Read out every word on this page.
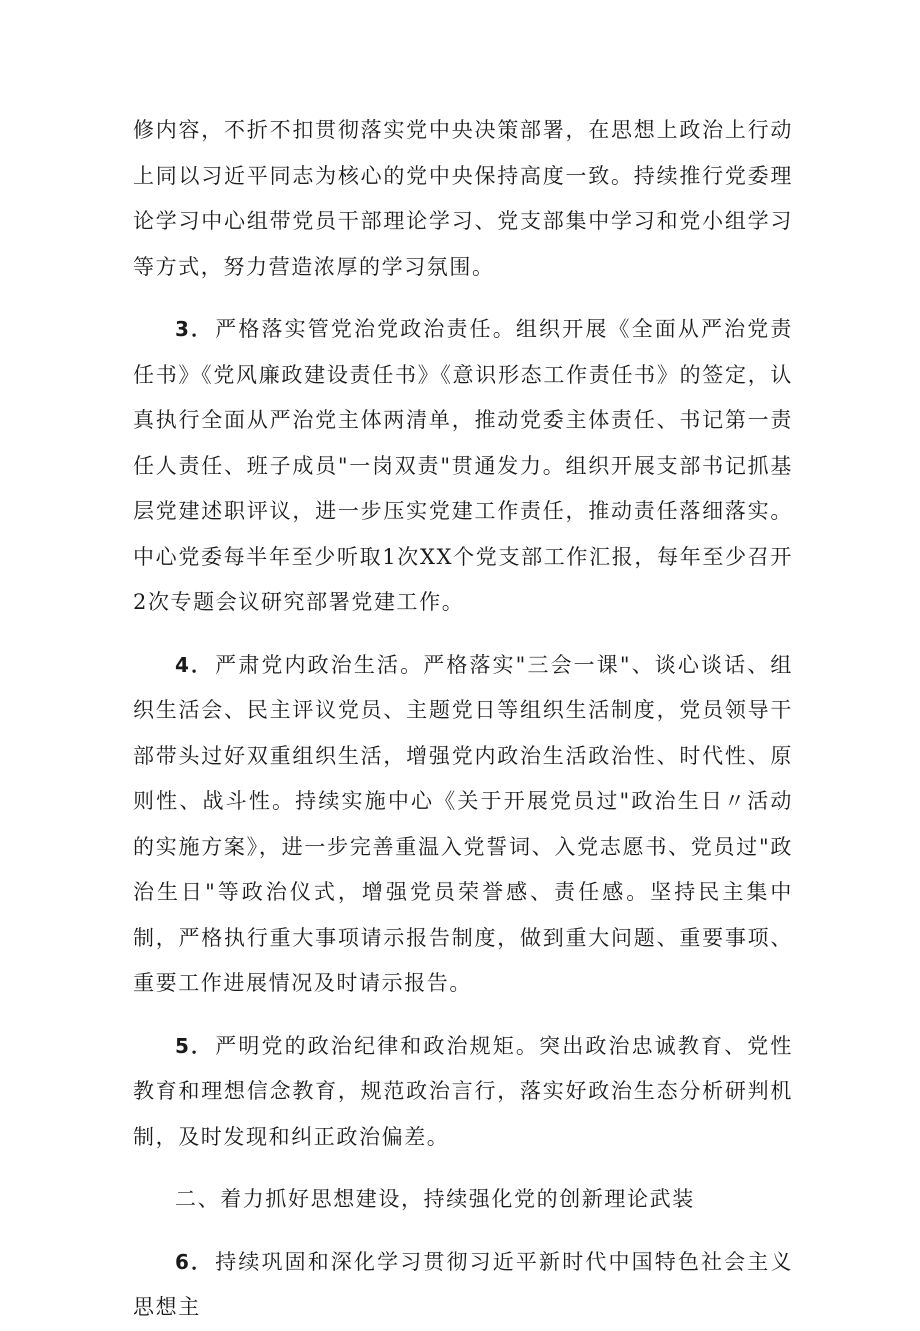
修内容，不折不扣贯彻落实党中央决策部署，在思想上政治上行动上同以习近平同志为核心的党中央保持高度一致。持续推行党委理论学习中心组带党员干部理论学习、党支部集中学习和党小组学习等方式，努力营造浓厚的学习氛围。

3．严格落实管党治党政治责任。组织开展《全面从严治党责任书》《党风廉政建设责任书》《意识形态工作责任书》的签定，认真执行全面从严治党主体两清单，推动党委主体责任、书记第一责任人责任、班子成员"一岗双责"贯通发力。组织开展支部书记抓基层党建述职评议，进一步压实党建工作责任，推动责任落细落实。中心党委每半年至少听取1次XX个党支部工作汇报，每年至少召开2次专题会议研究部署党建工作。

4．严肃党内政治生活。严格落实"三会一课"、谈心谈话、组织生活会、民主评议党员、主题党日等组织生活制度，党员领导干部带头过好双重组织生活，增强党内政治生活政治性、时代性、原则性、战斗性。持续实施中心《关于开展党员过"政治生日〃活动的实施方案》，进一步完善重温入党誓词、入党志愿书、党员过"政治生日"等政治仪式，增强党员荣誉感、责任感。坚持民主集中制，严格执行重大事项请示报告制度，做到重大问题、重要事项、重要工作进展情况及时请示报告。

5．严明党的政治纪律和政治规矩。突出政治忠诚教育、党性教育和理想信念教育，规范政治言行，落实好政治生态分析研判机制，及时发现和纠正政治偏差。

二、着力抓好思想建设，持续强化党的创新理论武装

6．持续巩固和深化学习贯彻习近平新时代中国特色社会主义思想主
